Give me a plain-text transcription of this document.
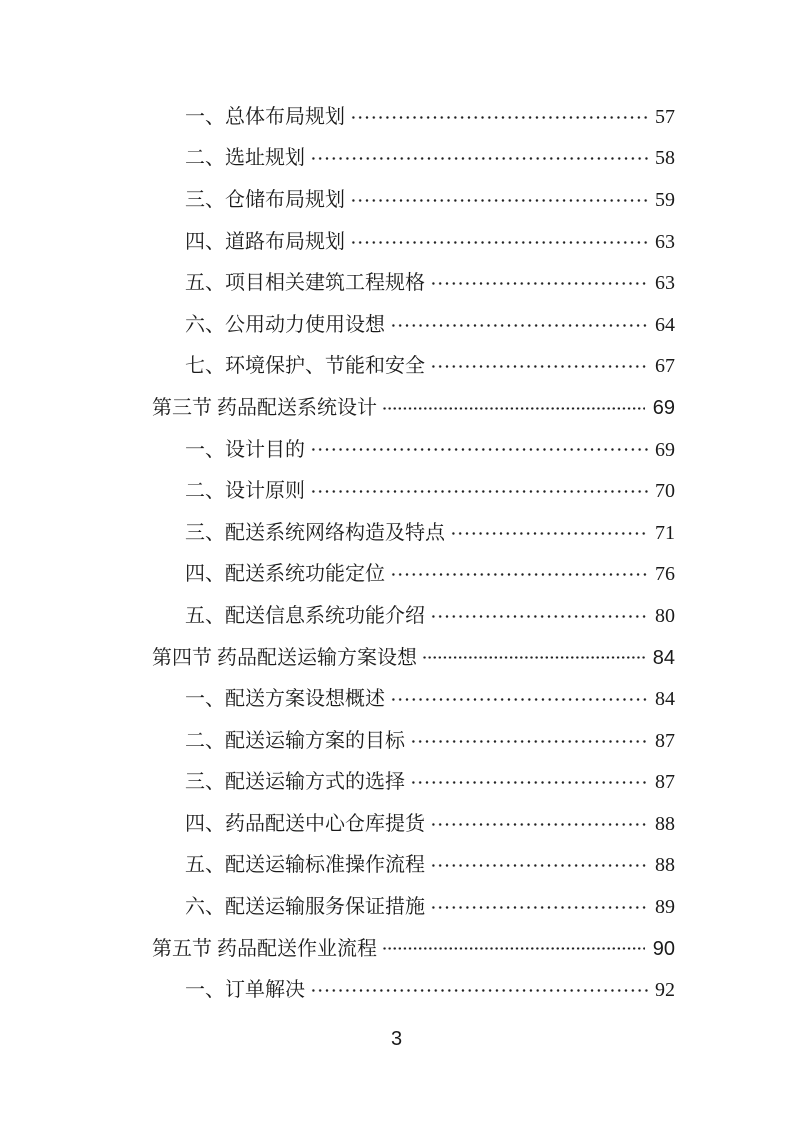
一、总体布局规划	57
二、选址规划	58
三、仓储布局规划	59
四、道路布局规划	63
五、项目相关建筑工程规格	63
六、公用动力使用设想	64
七、环境保护、节能和安全	67
第三节 药品配送系统设计	69
一、设计目的	69
二、设计原则	70
三、配送系统网络构造及特点	71
四、配送系统功能定位	76
五、配送信息系统功能介绍	80
第四节 药品配送运输方案设想	84
一、配送方案设想概述	84
二、配送运输方案的目标	87
三、配送运输方式的选择	87
四、药品配送中心仓库提货	88
五、配送运输标准操作流程	88
六、配送运输服务保证措施	89
第五节 药品配送作业流程	90
一、订单解决	92
3
